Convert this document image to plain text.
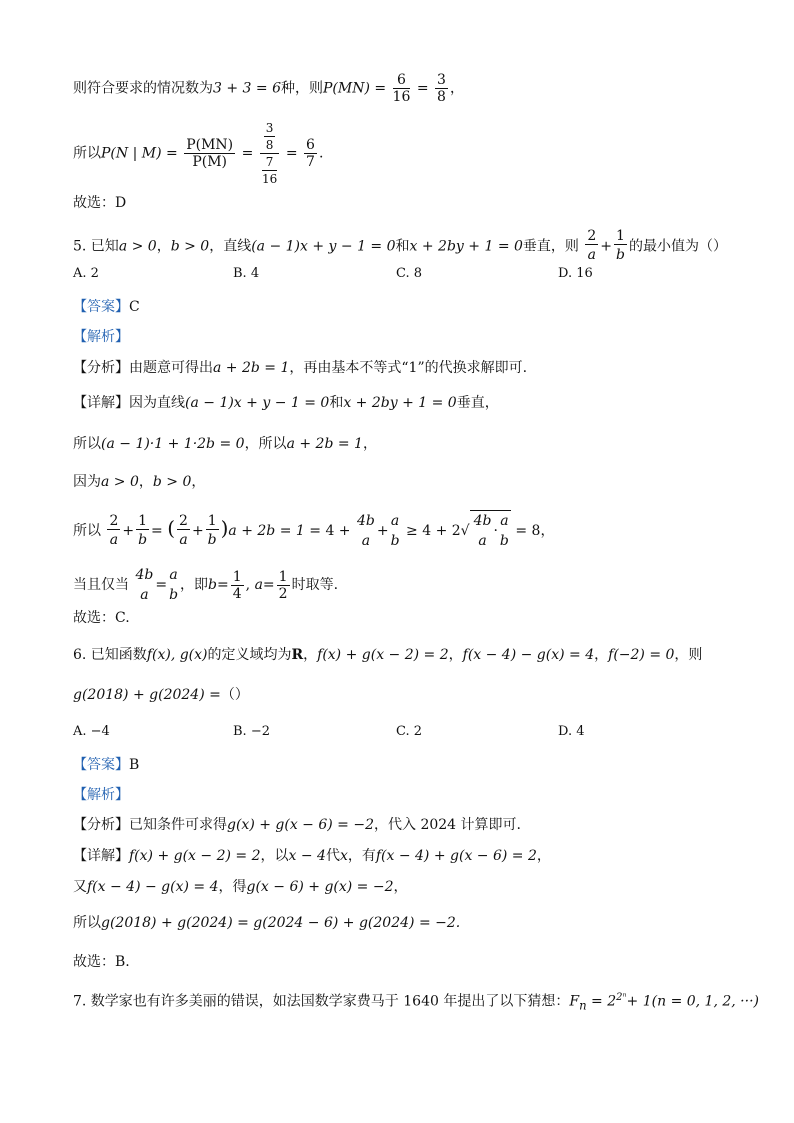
则符合要求的情况数为3 + 3 = 6种，则$P(MN) = \frac{6}{16} = \frac{3}{8}$ ，
所以P(N | $M) = \frac{P(MN)}{P(M)} = \frac{\frac{3}{8}}{\frac{7}{16}} = \frac{6}{7}$ .
故选：D
5. 已知a > 0，b > 0，直线(a − 1)x + y − 1 = 0和x + 2by + 1 = 0垂直，则 $\frac{2}{a} + \frac{1}{b}$ 的最小值为（）
A. 2	B. 4	C. 8	D. 16
【答案】C
【解析】
【分析】由题意可得出a + 2b = 1，再由基本不等式“1”的代换求解即可.
【详解】因为直线(a − 1)x + y − 1 = 0和x + 2by + 1 = 0垂直，
所以(a − 1)·1 + 1·2b = 0，所以a + 2b = 1，
因为a > 0，b > 0，
所以 $\frac{2}{a} + \frac{1}{b}$ = ( $\frac{2}{a} + \frac{1}{b} )a + 2b = 1 = 4$ +
4b
a
+
a
b
≥ 4 + 2√
4b
a
·
a
b
= 8，
当且仅当
4b
a
=
a
b
，即$b= \frac{1}{4}$ , $a= \frac{1}{2}$ 时取等.
故选：C.
6. 已知函数f(x), g(x)的定义域均为R，f(x) + g(x − 2) = 2，f(x − 4) − g(x) = 4，f(−2) = 0，则
g(2018) + g(2024) =（）
A. −4	B. −2	C. 2	D. 4
【答案】B
【解析】
【分析】已知条件可求得g(x) + g(x − 6) = −2，代入 2024 计算即可.
【详解】f(x) + g(x − 2) = 2，以x − 4代x，有f(x − 4) + g(x − 6) = 2，
又f(x − 4) − g(x) = 4，得g(x − 6) + g(x) = −2，
所以g(2018) + g(2024) = g(2024 − 6) + g(2024) = −2.
故选：B.
7. 数学家也有许多美丽的错误，如法国数学家费马于 1640 年提出了以下猜想：$F_n = 2^{2^n}+ 1(n = 0$, 1, 2, ···)
